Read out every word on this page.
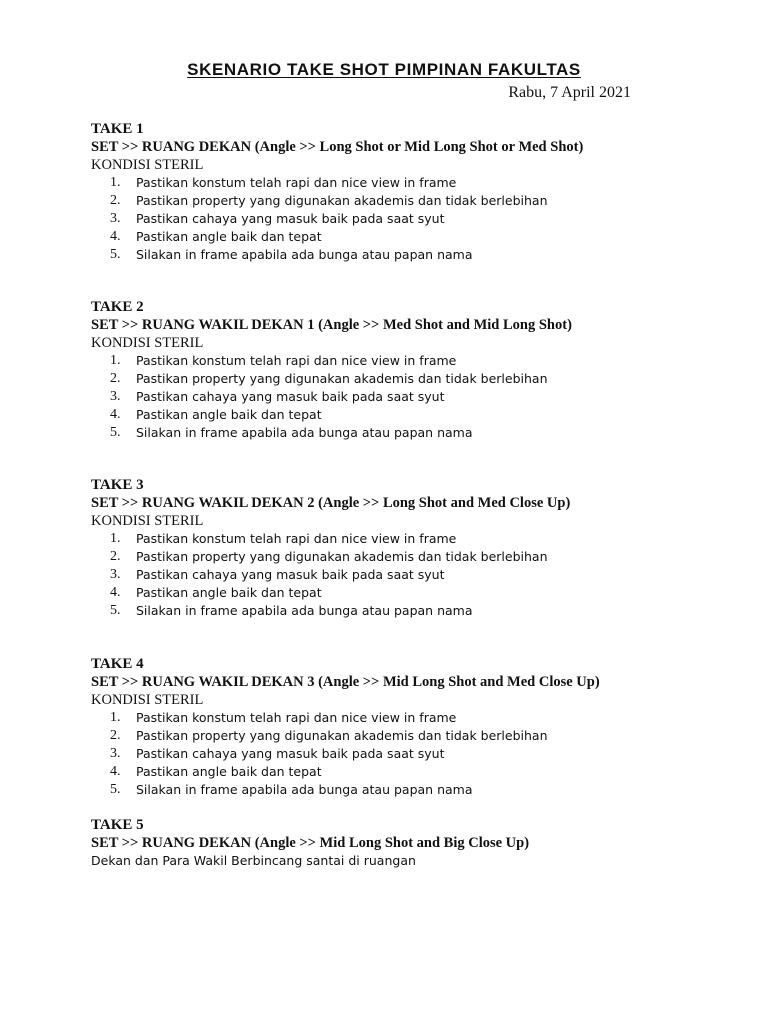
SKENARIO TAKE SHOT PIMPINAN FAKULTAS
Rabu, 7 April 2021
TAKE 1
SET >> RUANG DEKAN (Angle >> Long Shot or Mid Long Shot or Med Shot)
KONDISI STERIL
1.	Pastikan konstum telah rapi dan nice view in frame
2.	Pastikan property yang digunakan akademis dan tidak berlebihan
3.	Pastikan cahaya yang masuk baik pada saat syut
4.	Pastikan angle baik dan tepat
5.	Silakan in frame apabila ada bunga atau papan nama
TAKE 2
SET >> RUANG WAKIL DEKAN 1 (Angle >> Med Shot and Mid Long Shot)
KONDISI STERIL
1.	Pastikan konstum telah rapi dan nice view in frame
2.	Pastikan property yang digunakan akademis dan tidak berlebihan
3.	Pastikan cahaya yang masuk baik pada saat syut
4.	Pastikan angle baik dan tepat
5.	Silakan in frame apabila ada bunga atau papan nama
TAKE 3
SET >> RUANG WAKIL DEKAN 2 (Angle >> Long Shot and Med Close Up)
KONDISI STERIL
1.	Pastikan konstum telah rapi dan nice view in frame
2.	Pastikan property yang digunakan akademis dan tidak berlebihan
3.	Pastikan cahaya yang masuk baik pada saat syut
4.	Pastikan angle baik dan tepat
5.	Silakan in frame apabila ada bunga atau papan nama
TAKE 4
SET >> RUANG WAKIL DEKAN 3 (Angle >> Mid Long Shot and Med Close Up)
KONDISI STERIL
1.	Pastikan konstum telah rapi dan nice view in frame
2.	Pastikan property yang digunakan akademis dan tidak berlebihan
3.	Pastikan cahaya yang masuk baik pada saat syut
4.	Pastikan angle baik dan tepat
5.	Silakan in frame apabila ada bunga atau papan nama
TAKE 5
SET >> RUANG DEKAN (Angle >> Mid Long Shot and Big Close Up)
Dekan dan Para Wakil Berbincang santai di ruangan
